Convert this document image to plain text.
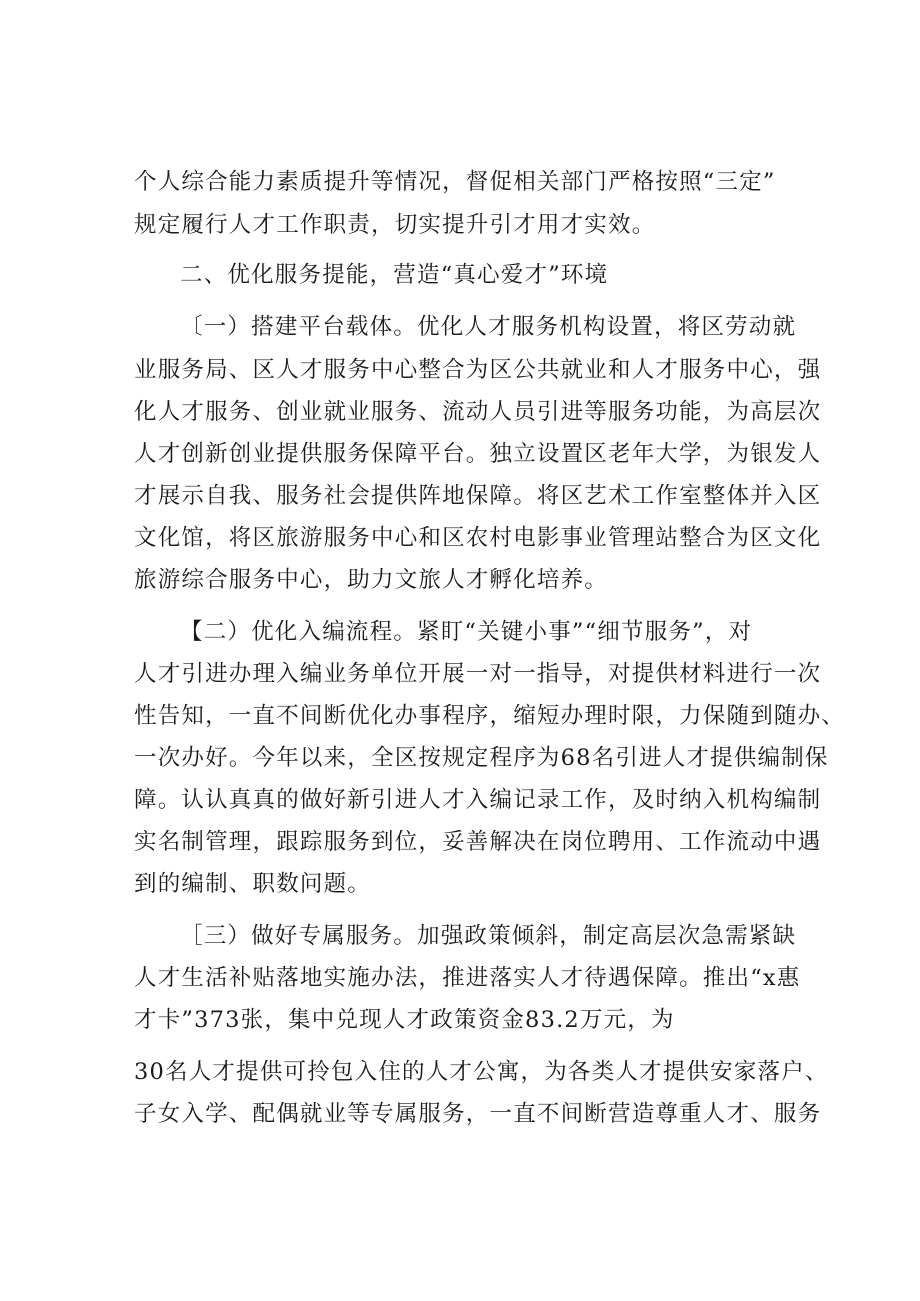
个人综合能力素质提升等情况，督促相关部门严格按照“三定”
规定履行人才工作职责，切实提升引才用才实效。
二、优化服务提能，营造“真心爱才”环境
〔一）搭建平台载体。优化人才服务机构设置，将区劳动就
业服务局、区人才服务中心整合为区公共就业和人才服务中心，强
化人才服务、创业就业服务、流动人员引进等服务功能，为高层次
人才创新创业提供服务保障平台。独立设置区老年大学，为银发人
才展示自我、服务社会提供阵地保障。将区艺术工作室整体并入区
文化馆，将区旅游服务中心和区农村电影事业管理站整合为区文化
旅游综合服务中心，助力文旅人才孵化培养。
【二）优化入编流程。紧盯“关键小事”“细节服务”，对
人才引进办理入编业务单位开展一对一指导，对提供材料进行一次
性告知，一直不间断优化办事程序，缩短办理时限，力保随到随办、
一次办好。今年以来，全区按规定程序为68名引进人才提供编制保
障。认认真真的做好新引进人才入编记录工作，及时纳入机构编制
实名制管理，跟踪服务到位，妥善解决在岗位聘用、工作流动中遇
到的编制、职数问题。
［三）做好专属服务。加强政策倾斜，制定高层次急需紧缺
人才生活补贴落地实施办法，推进落实人才待遇保障。推出“x惠
才卡”373张，集中兑现人才政策资金83.2万元，为
30名人才提供可拎包入住的人才公寓，为各类人才提供安家落户、
子女入学、配偶就业等专属服务，一直不间断营造尊重人才、服务
